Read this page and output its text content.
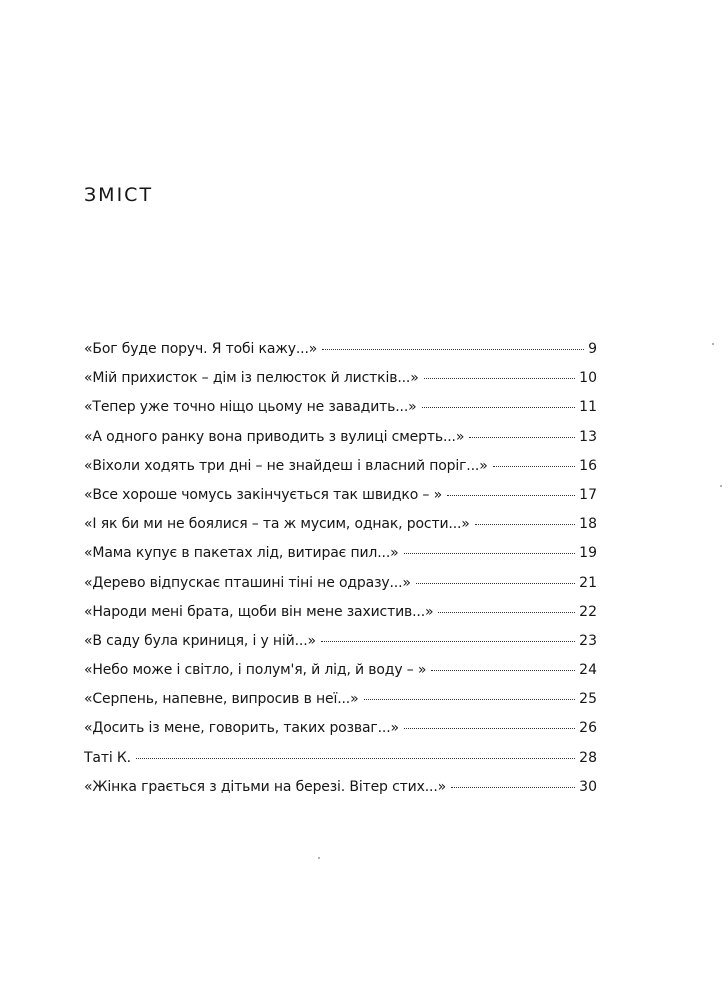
ЗМІСТ
«Бог буде поруч. Я тобі кажу...»	9
«Мій прихисток – дім із пелюсток й листків...»	10
«Тепер уже точно ніщо цьому не завадить...»	11
«А одного ранку вона приводить з вулиці смерть...»	13
«Віхоли ходять три дні – не знайдеш і власний поріг...»	16
«Все хороше чомусь закінчується так швидко – »	17
«І як би ми не боялися – та ж мусим, однак, рости...»	18
«Мама купує в пакетах лід, витирає пил...»	19
«Дерево відпускає пташині тіні не одразу...»	21
«Народи мені брата, щоби він мене захистив...»	22
«В саду була криниця, і у ній...»	23
«Небо може і світло, і полум'я, й лід, й воду – »	24
«Серпень, напевне, випросив в неї...»	25
«Досить із мене, говорить, таких розваг...»	26
Таті К.	28
«Жінка грається з дітьми на березі. Вітер стих...»	30
